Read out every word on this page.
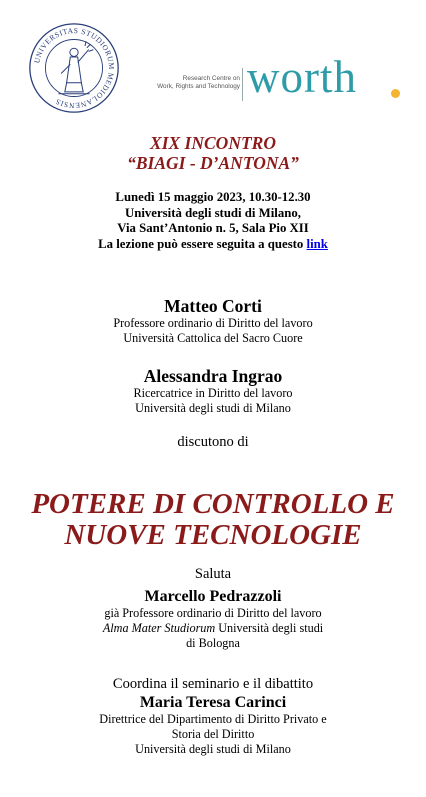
UNIVERSITAS STUDIORUM MEDIOLANENSIS
Research Centre on
Work, Rights and Technology worth
XIX INCONTRO
“BIAGI - D’ANTONA”
Lunedì 15 maggio 2023, 10.30-12.30
Università degli studi di Milano,
Via Sant’Antonio n. 5, Sala Pio XII
La lezione può essere seguita a questo link
Matteo Corti
Professore ordinario di Diritto del lavoro
Università Cattolica del Sacro Cuore
Alessandra Ingrao
Ricercatrice in Diritto del lavoro
Università degli studi di Milano
discutono di
POTERE DI CONTROLLO E
NUOVE TECNOLOGIE
Saluta
Marcello Pedrazzoli
già Professore ordinario di Diritto del lavoro
Alma Mater Studiorum Università degli studi
di Bologna
Coordina il seminario e il dibattito
Maria Teresa Carinci
Direttrice del Dipartimento di Diritto Privato e
Storia del Diritto
Università degli studi di Milano
